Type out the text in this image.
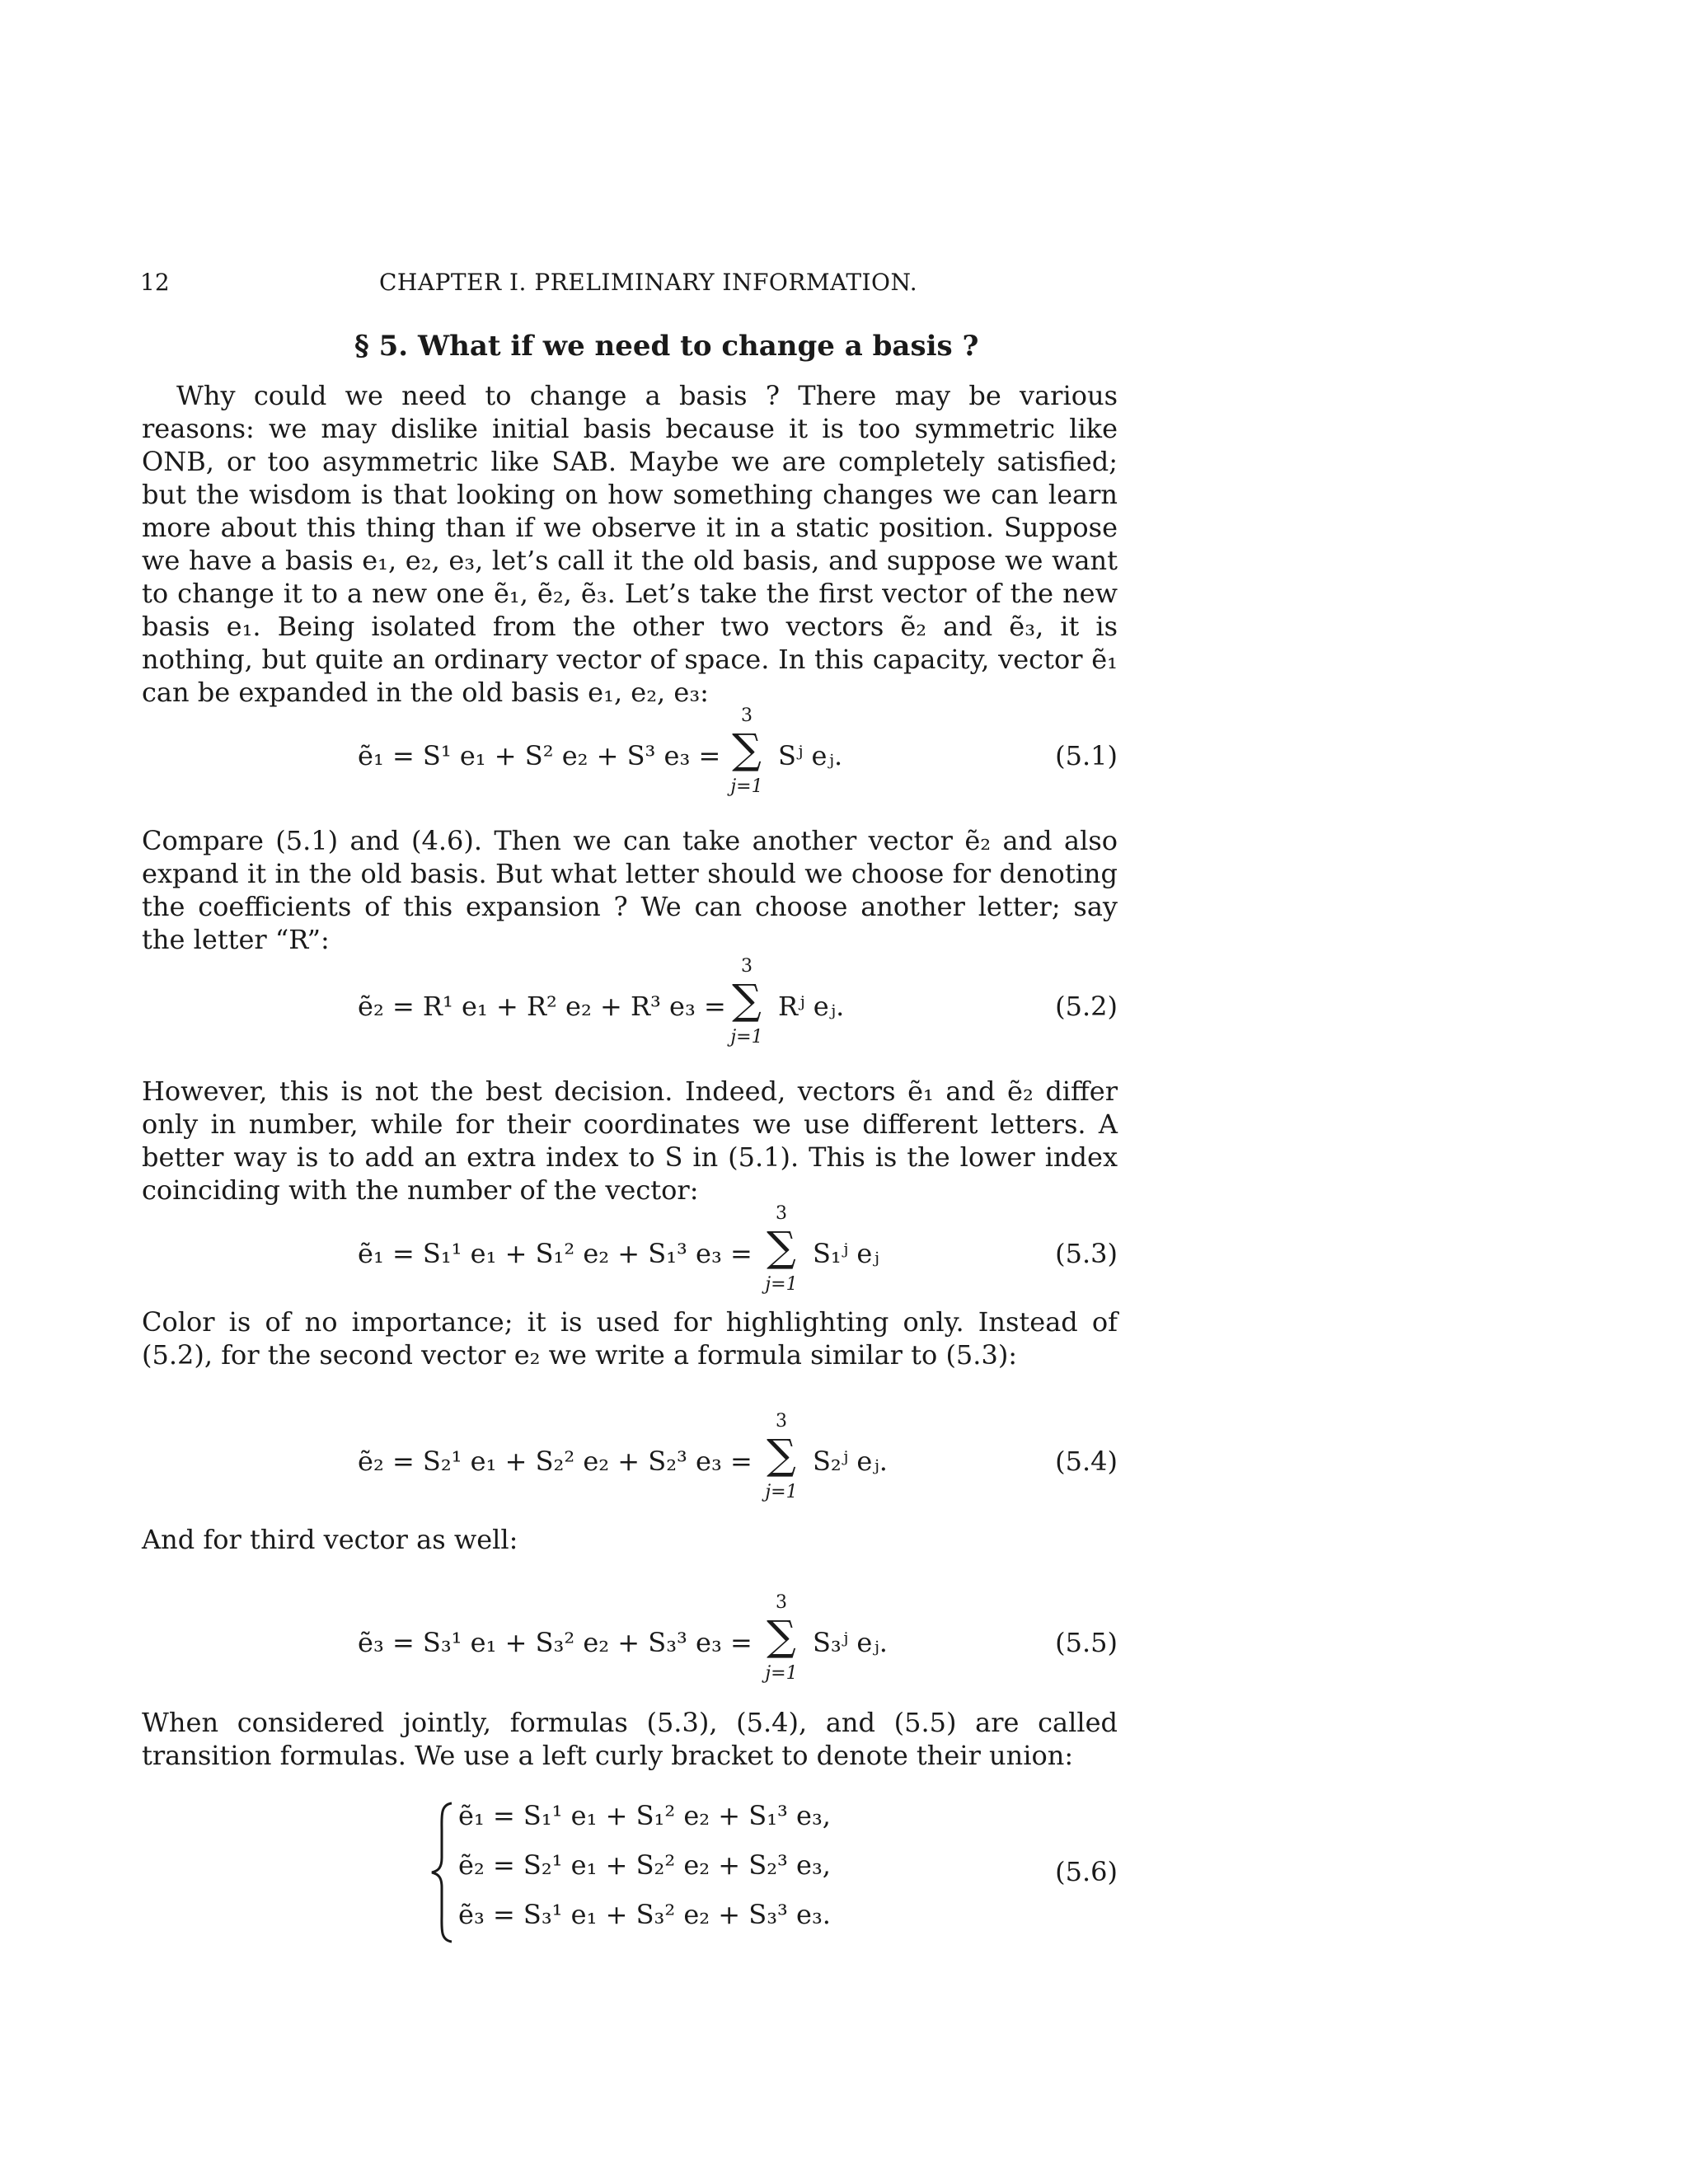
12	CHAPTER I. PRELIMINARY INFORMATION.
§ 5. What if we need to change a basis ?

Why could we need to change a basis ? There may be various reasons: we may dislike initial basis because it is too symmetric like ONB, or too asymmetric like SAB. Maybe we are completely satisfied; but the wisdom is that looking on how something changes we can learn more about this thing than if we observe it in a static position. Suppose we have a basis e₁, e₂, e₃, let’s call it the old basis, and suppose we want to change it to a new one ẽ₁, ẽ₂, ẽ₃. Let’s take the first vector of the new basis e₁. Being isolated from the other two vectors ẽ₂ and ẽ₃, it is nothing, but quite an ordinary vector of space. In this capacity, vector ẽ₁ can be expanded in the old basis e₁, e₂, e₃:

ẽ₁ = S¹ e₁ + S² e₂ + S³ e₃ =
3
∑
j=1
Sʲ eⱼ.	(5.1)

Compare (5.1) and (4.6). Then we can take another vector ẽ₂ and also expand it in the old basis. But what letter should we choose for denoting the coefficients of this expansion ? We can choose another letter; say the letter “R”:

ẽ₂ = R¹ e₁ + R² e₂ + R³ e₃ =
3
∑
j=1
Rʲ eⱼ.	(5.2)

However, this is not the best decision. Indeed, vectors ẽ₁ and ẽ₂ differ only in number, while for their coordinates we use different letters. A better way is to add an extra index to S in (5.1). This is the lower index coinciding with the number of the vector:

ẽ₁ = S₁¹ e₁ + S₁² e₂ + S₁³ e₃ =
3
∑
j=1
S₁ʲ eⱼ	(5.3)

Color is of no importance; it is used for highlighting only. Instead of (5.2), for the second vector e₂ we write a formula similar to (5.3):

ẽ₂ = S₂¹ e₁ + S₂² e₂ + S₂³ e₃ =
3
∑
j=1
S₂ʲ eⱼ.	(5.4)

And for third vector as well:

ẽ₃ = S₃¹ e₁ + S₃² e₂ + S₃³ e₃ =
3
∑
j=1
S₃ʲ eⱼ.	(5.5)

When considered jointly, formulas (5.3), (5.4), and (5.5) are called transition formulas. We use a left curly bracket to denote their union:

ẽ₁ = S₁¹ e₁ + S₁² e₂ + S₁³ e₃,
ẽ₂ = S₂¹ e₁ + S₂² e₂ + S₂³ e₃,
ẽ₃ = S₃¹ e₁ + S₃² e₂ + S₃³ e₃.
(5.6)
